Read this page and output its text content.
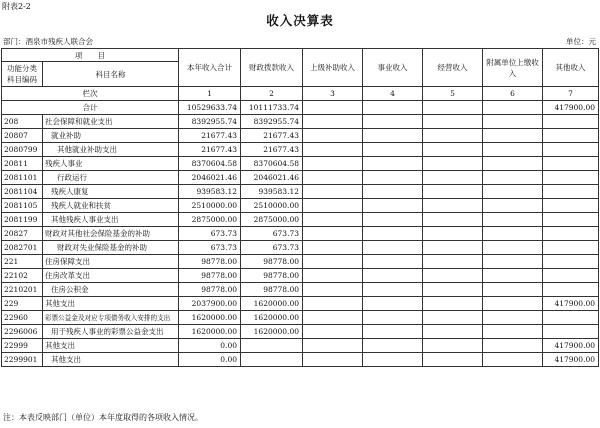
附表2-2
收入决算表
部门：酒泉市残疾人联合会	单位：元
项　　目		本年收入合计	财政拨款收入	上级补助收入	事业收入	经营收入	附属单位上缴收入	其他收入
功能分类科目编码	科目名称							

栏次		1	2	3	4	5	6	7
合计		10529633.74	10111733.74					417900.00
208	社会保障和就业支出	8392955.74	8392955.74					
20807	就业补助	21677.43	21677.43					
2080799	其他就业补助支出	21677.43	21677.43					
20811	残疾人事业	8370604.58	8370604.58					
2081101	行政运行	2046021.46	2046021.46					
2081104	残疾人康复	939583.12	939583.12					
2081105	残疾人就业和扶贫	2510000.00	2510000.00					
2081199	其他残疾人事业支出	2875000.00	2875000.00					
20827	财政对其他社会保险基金的补助	673.73	673.73					
2082701	财政对失业保险基金的补助	673.73	673.73					
221	住房保障支出	98778.00	98778.00					
22102	住房改革支出	98778.00	98778.00					
2210201	住房公积金	98778.00	98778.00					
229	其他支出	2037900.00	1620000.00					417900.00
22960	彩票公益金及对应专项债务收入安排的支出	1620000.00	1620000.00					
2296006	用于残疾人事业的彩票公益金支出	1620000.00	1620000.00					
22999	其他支出	0.00						417900.00
2299901	其他支出	0.00						417900.00
注：本表反映部门（单位）本年度取得的各项收入情况。
